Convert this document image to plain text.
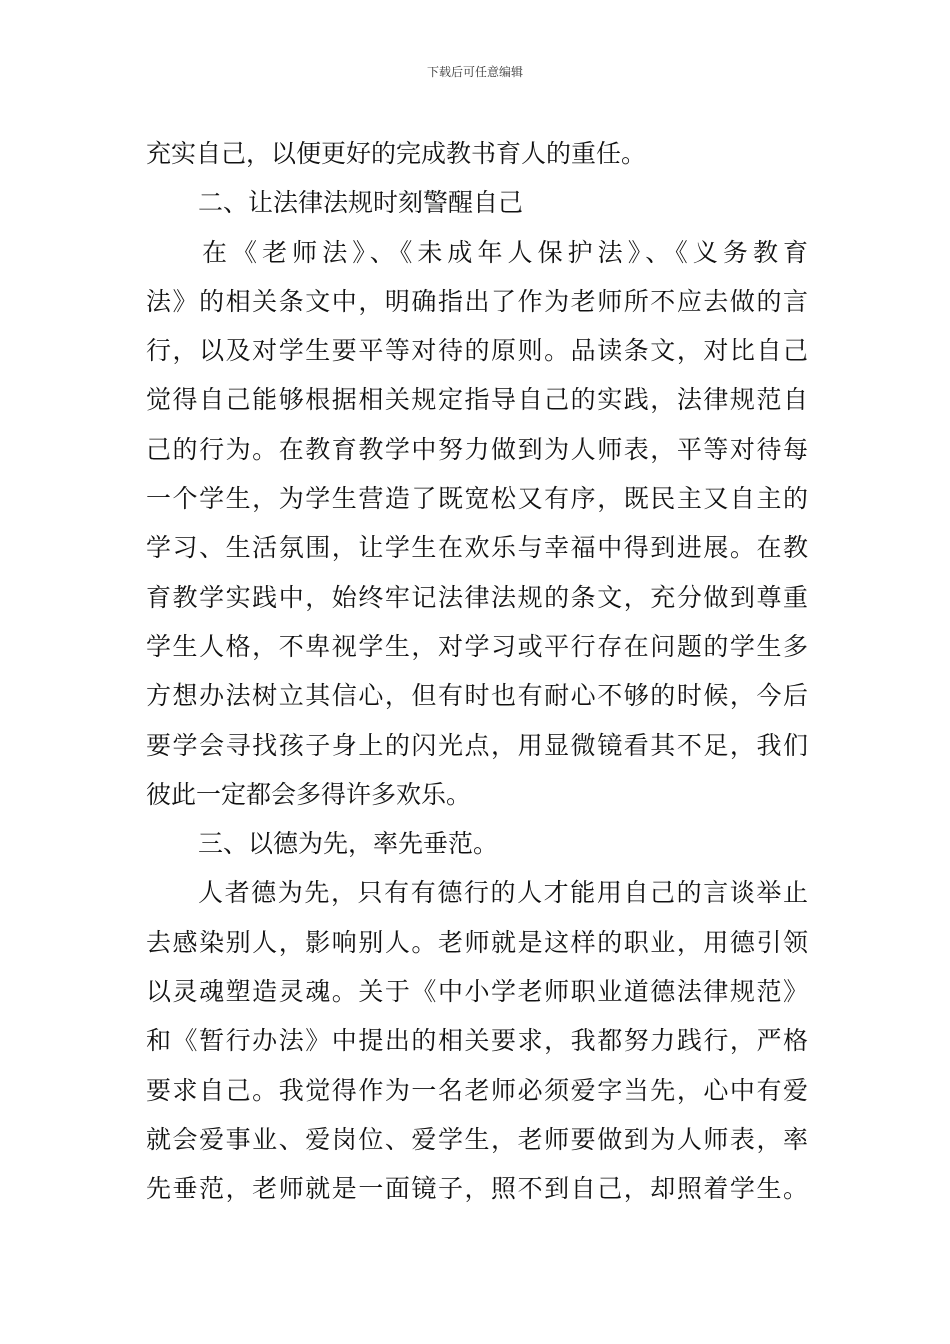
下载后可任意编辑
充实自己，以便更好的完成教书育人的重任。
二、让法律法规时刻警醒自己
在《老师法》、《未成年人保护法》、《义务教育
法》的相关条文中，明确指出了作为老师所不应去做的言
行，以及对学生要平等对待的原则。品读条文，对比自己
觉得自己能够根据相关规定指导自己的实践，法律规范自
己的行为。在教育教学中努力做到为人师表，平等对待每
一个学生，为学生营造了既宽松又有序，既民主又自主的
学习、生活氛围，让学生在欢乐与幸福中得到进展。在教
育教学实践中，始终牢记法律法规的条文，充分做到尊重
学生人格，不卑视学生，对学习或平行存在问题的学生多
方想办法树立其信心，但有时也有耐心不够的时候，今后
要学会寻找孩子身上的闪光点，用显微镜看其不足，我们
彼此一定都会多得许多欢乐。
三、以德为先，率先垂范。
人者德为先，只有有德行的人才能用自己的言谈举止
去感染别人，影响别人。老师就是这样的职业，用德引领
以灵魂塑造灵魂。关于《中小学老师职业道德法律规范》
和《暂行办法》中提出的相关要求，我都努力践行，严格
要求自己。我觉得作为一名老师必须爱字当先，心中有爱
就会爱事业、爱岗位、爱学生，老师要做到为人师表，率
先垂范，老师就是一面镜子，照不到自己，却照着学生。
